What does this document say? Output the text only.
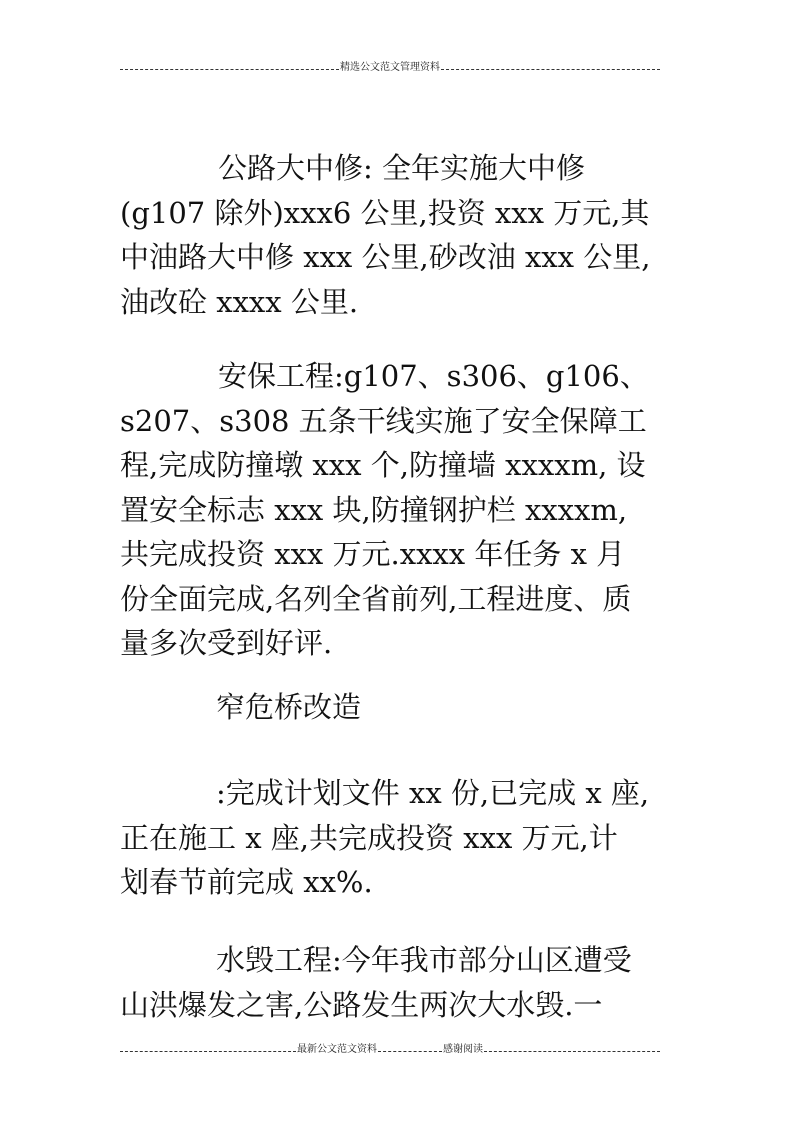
精选公文范文管理资料
公路大中修: 全年实施大中修
(g107 除外)xxx6 公里,投资 xxx 万元,其
中油路大中修 xxx 公里,砂改油 xxx 公里,
油改砼 xxxx 公里.
安保工程:g107、s306、g106、
s207、s308 五条干线实施了安全保障工
程,完成防撞墩 xxx 个,防撞墙 xxxxm, 设
置安全标志 xxx 块,防撞钢护栏 xxxxm,
共完成投资 xxx 万元.xxxx 年任务 x 月
份全面完成,名列全省前列,工程进度、质
量多次受到好评.
窄危桥改造
:完成计划文件 xx 份,已完成 x 座,
正在施工 x 座,共完成投资 xxx 万元,计
划春节前完成 xx%.
水毁工程:今年我市部分山区遭受
山洪爆发之害,公路发生两次大水毁.一
最新公文范文资料	感谢阅读
